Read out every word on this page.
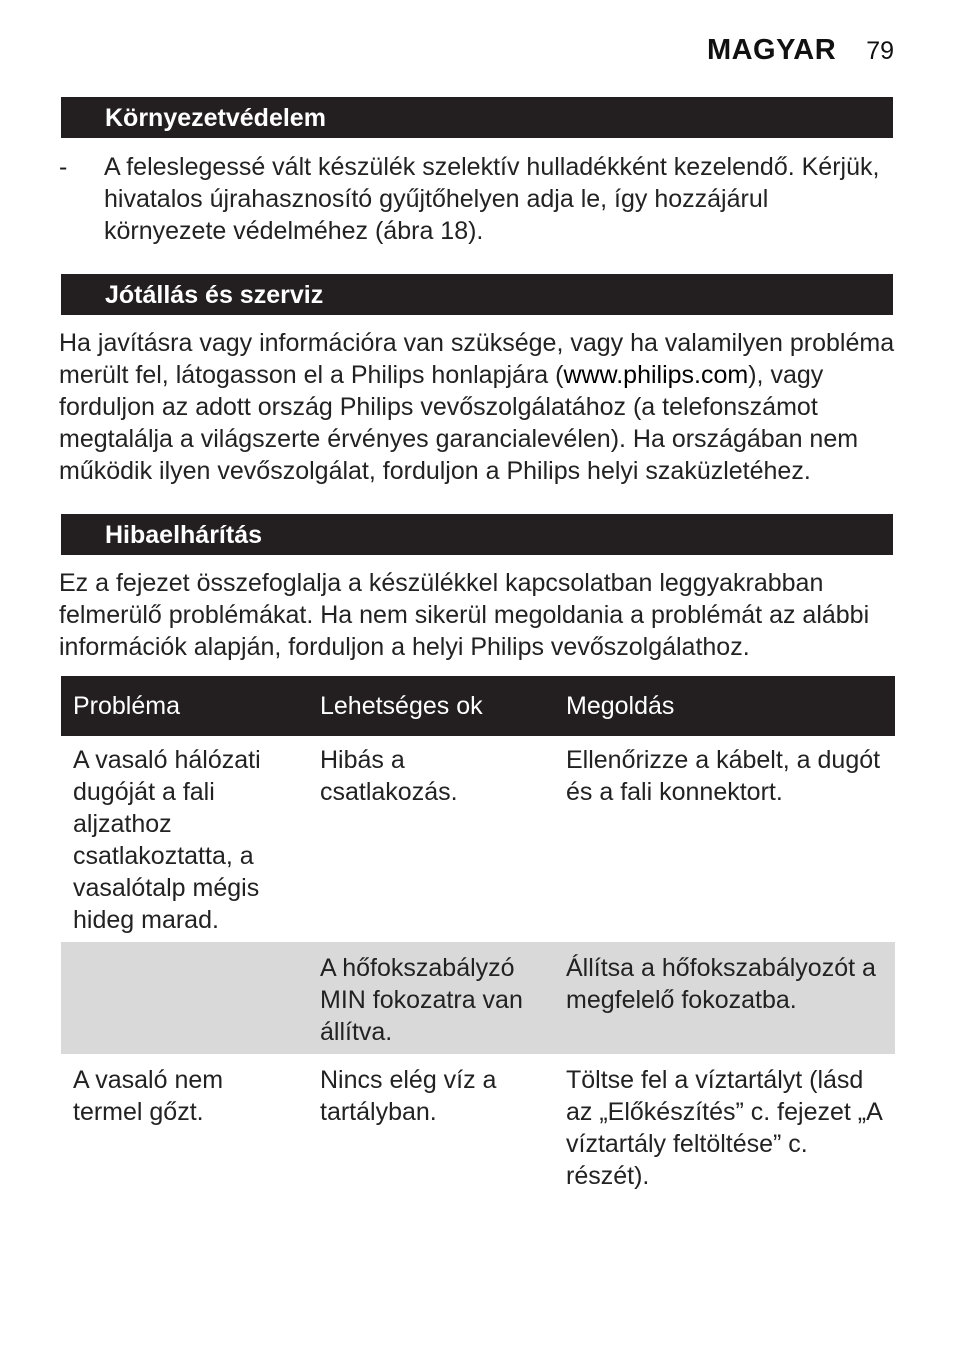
MAGYAR 79
Környezetvédelem
- A feleslegessé vált készülék szelektív hulladékként kezelendő. Kérjük, hivatalos újrahasznosító gyűjtőhelyen adja le, így hozzájárul környezete védelméhez (ábra 18).

Jótállás és szerviz

Ha javításra vagy információra van szüksége, vagy ha valamilyen probléma merült fel, látogasson el a Philips honlapjára (www.philips.com), vagy forduljon az adott ország Philips vevőszolgálatához (a telefonszámot megtalálja a világszerte érvényes garancialevélen). Ha országában nem működik ilyen vevőszolgálat, forduljon a Philips helyi szaküzletéhez.

Hibaelhárítás

Ez a fejezet összefoglalja a készülékkel kapcsolatban leggyakrabban felmerülő problémákat. Ha nem sikerül megoldania a problémát az alábbi információk alapján, forduljon a helyi Philips vevőszolgálathoz.

Probléma	Lehetséges ok	Megoldás
A vasaló hálózati dugóját a fali aljzathoz csatlakoztatta, a vasalótalp mégis hideg marad.	Hibás a csatlakozás.	Ellenőrizze a kábelt, a dugót és a fali konnektort.
	A hőfokszabályzó MIN fokozatra van állítva.	Állítsa a hőfokszabályozót a megfelelő fokozatba.
A vasaló nem termel gőzt.	Nincs elég víz a tartályban.	Töltse fel a víztartályt (lásd az „Előkészítés” c. fejezet „A víztartály feltöltése” c. részét).
